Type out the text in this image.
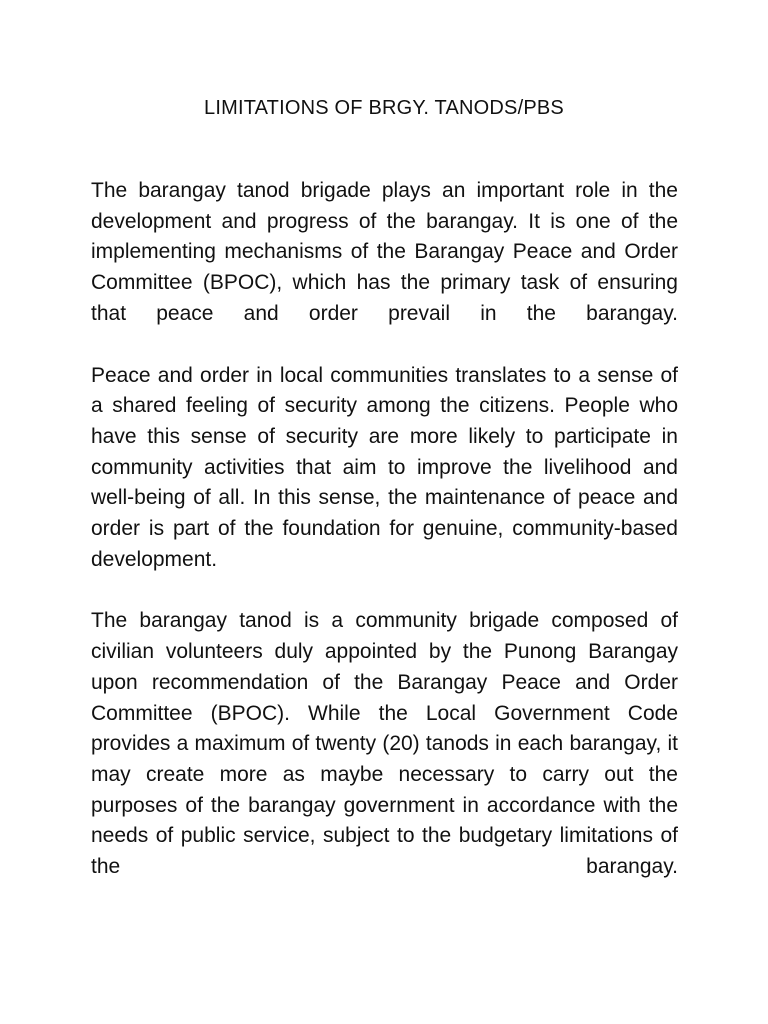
LIMITATIONS OF BRGY. TANODS/PBS

The barangay tanod brigade plays an important role in the development and progress of the barangay. It is one of the implementing mechanisms of the Barangay Peace and Order Committee (BPOC), which has the primary task of ensuring that peace and order prevail in the barangay.

Peace and order in local communities translates to a sense of a shared feeling of security among the citizens. People who have this sense of security are more likely to participate in community activities that aim to improve the livelihood and well-being of all. In this sense, the maintenance of peace and order is part of the foundation for genuine, community-based development.

The barangay tanod is a community brigade composed of civilian volunteers duly appointed by the Punong Barangay upon recommendation of the Barangay Peace and Order Committee (BPOC). While the Local Government Code provides a maximum of twenty (20) tanods in each barangay, it may create more as maybe necessary to carry out the purposes of the barangay government in accordance with the needs of public service, subject to the budgetary limitations of the barangay.
